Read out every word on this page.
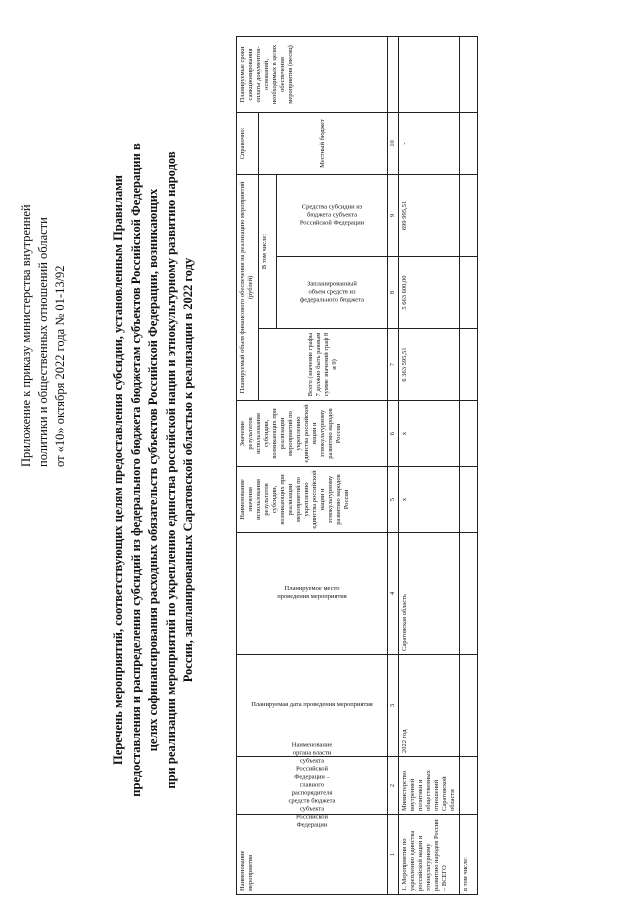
Приложение к приказу министерства внутренней политики и общественных отношений области от «10» октября 2022 года № 01-13/92	Перечень мероприятий, соответствующих целям предоставления субсидии, установленным Правилами предоставления и распределения субсидий из федерального бюджета бюджетам субъектов Российской Федерации в целях софинансирования расходных обязательств субъектов Российской Федерации, возникающих при реализации мероприятий по укреплению единства российской нации и этнокультурному развитию народов России, запланированных Саратовской областью к реализации в 2022 году
Наименование мероприятия	Наименование органа власти субъекта Российской Федерации – главного распорядителя средств бюджета субъекта Российской Федерации	Планируемая дата проведения мероприятия	Планируемое место проведения мероприятия	Наименование значения использования результатов субсидии, возникающих при реализации мероприятий по укреплению единства российской нации и этнокультурному развитию народов России	Значение результатов использования субсидии, возникающих при реализации мероприятий по укреплению единства российской нации и этнокультурному развитию народов России	Планируемый объем финансового обеспечения на реализацию мероприятий (рублей)			Справочно:	Планируемые сроки санкционирования оплаты документов-оснований, необходимых в целях обеспечения мероприятия (месяц)
						Всего (значение графы 7 должно быть равным сумме значений граф 8 и 9)	В том числе:		Местный бюджет	

							Запланированный объем средств из федерального бюджета	Средства субсидии из бюджета субъекта Российской Федерации		

1	2	3	4	5	6	7	8	9	10	
1. Мероприятия по укреплению единства российской нации и этнокультурному развитию народов России – ВСЕГО	Министерство внутренней политики и общественных отношений Саратовской области	2022 год	Саратовская область	х	х	6 363 595,51	5 663 600,00	699 995,51	-	
в том числе:										
